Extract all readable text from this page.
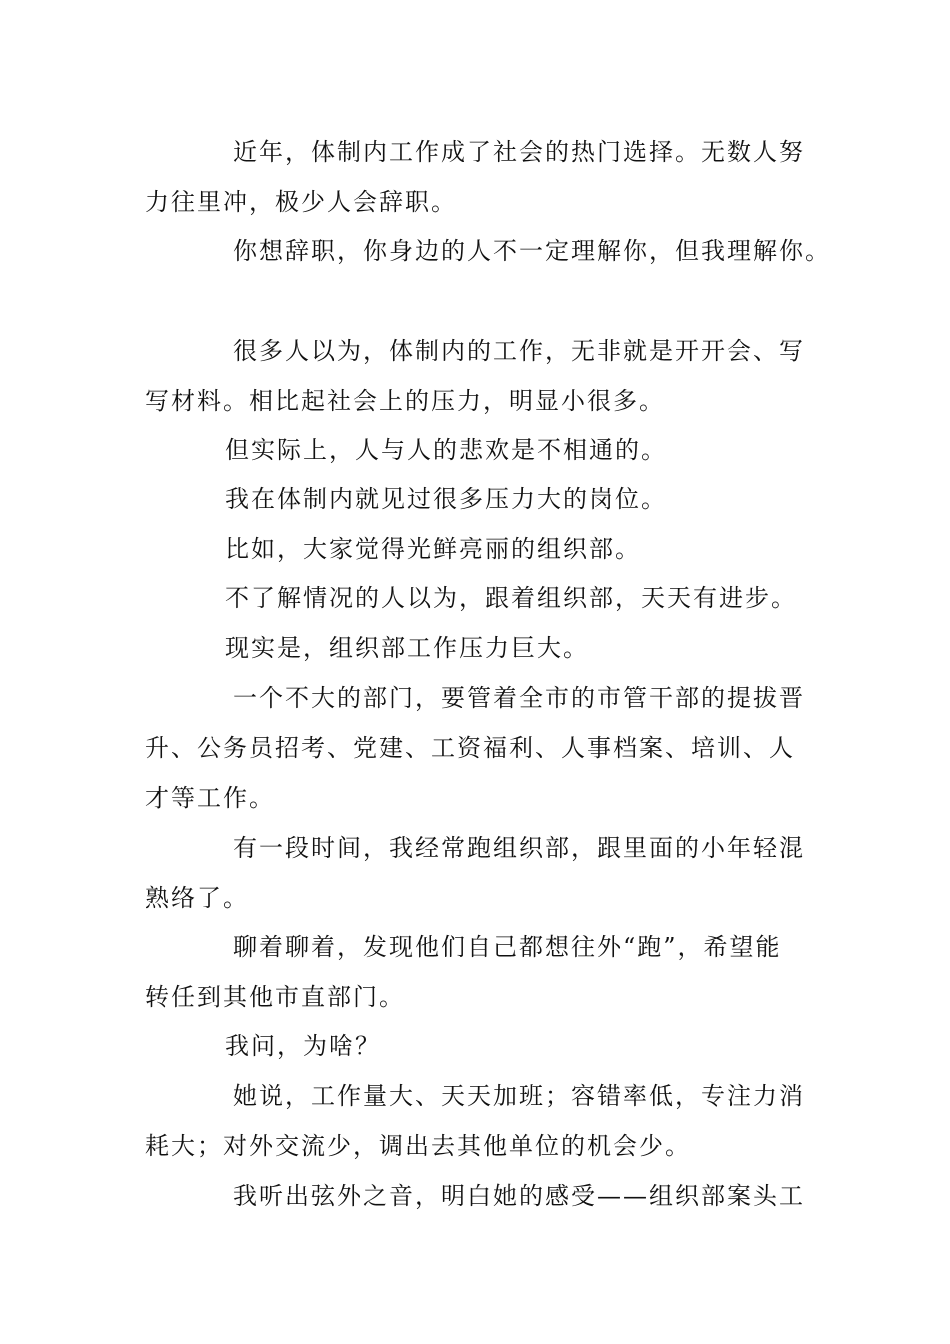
近年，体制内工作成了社会的热门选择。无数人努
力往里冲，极少人会辞职。
你想辞职，你身边的人不一定理解你，但我理解你。
很多人以为，体制内的工作，无非就是开开会、写
写材料。相比起社会上的压力，明显小很多。
但实际上，人与人的悲欢是不相通的。
我在体制内就见过很多压力大的岗位。
比如，大家觉得光鲜亮丽的组织部。
不了解情况的人以为，跟着组织部，天天有进步。
现实是，组织部工作压力巨大。
一个不大的部门，要管着全市的市管干部的提拔晋
升、公务员招考、党建、工资福利、人事档案、培训、人
才等工作。
有一段时间，我经常跑组织部，跟里面的小年轻混
熟络了。
聊着聊着，发现他们自己都想往外“跑”，希望能
转任到其他市直部门。
我问，为啥？
她说，工作量大、天天加班；容错率低，专注力消
耗大；对外交流少，调出去其他单位的机会少。
我听出弦外之音，明白她的感受——组织部案头工
